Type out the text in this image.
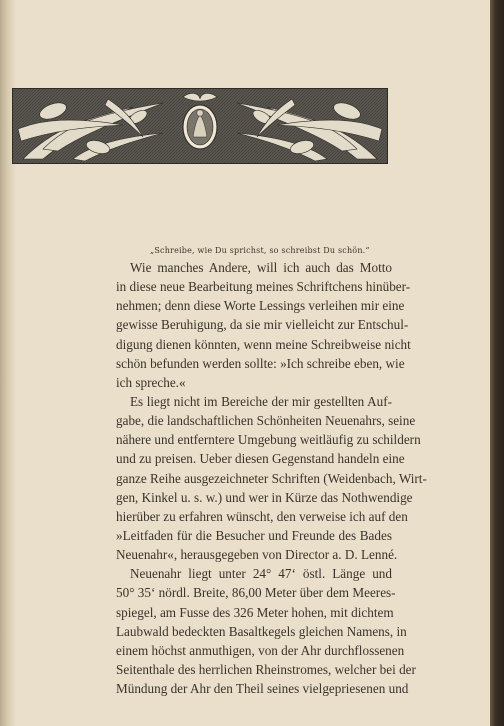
„Schreibe, wie Du sprichst, so schreibst Du schön.“
Wie manches Andere, will ich auch das Motto
in diese neue Bearbeitung meines Schriftchens hinüber-
nehmen; denn diese Worte Lessings verleihen mir eine
gewisse Beruhigung, da sie mir vielleicht zur Entschul-
digung dienen könnten, wenn meine Schreibweise nicht
schön befunden werden sollte: »Ich schreibe eben, wie
ich spreche.«
Es liegt nicht im Bereiche der mir gestellten Auf-
gabe, die landschaftlichen Schönheiten Neuenahrs, seine
nähere und entferntere Umgebung weitläufig zu schildern
und zu preisen. Ueber diesen Gegenstand handeln eine
ganze Reihe ausgezeichneter Schriften (Weidenbach, Wirt-
gen, Kinkel u. s. w.) und wer in Kürze das Nothwendige
hierüber zu erfahren wünscht, den verweise ich auf den
»Leitfaden für die Besucher und Freunde des Bades
Neuenahr«, herausgegeben von Director a. D. Lenné.
Neuenahr liegt unter 24° 47‘ östl. Länge und
50° 35‘ nördl. Breite, 86,00 Meter über dem Meeres-
spiegel, am Fusse des 326 Meter hohen, mit dichtem
Laubwald bedeckten Basaltkegels gleichen Namens, in
einem höchst anmuthigen, von der Ahr durchflossenen
Seitenthale des herrlichen Rheinstromes, welcher bei der
Mündung der Ahr den Theil seines vielgepriesenen und
